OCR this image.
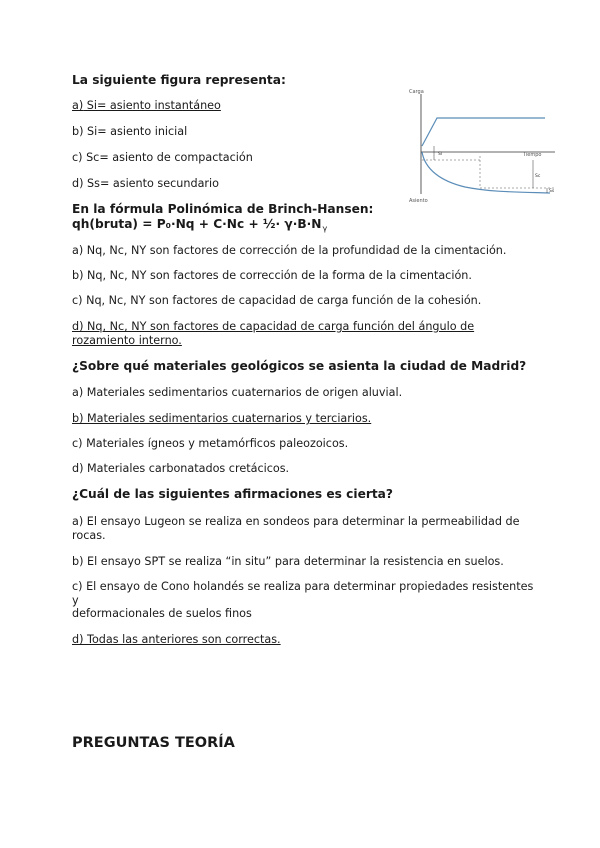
La siguiente figura representa:
a) Si= asiento instantáneo
b) Si= asiento inicial
c) Sc= asiento de compactación
d) Ss= asiento secundario
Carga
Tiempo
Asiento
Si
Sc
Ss
En la fórmula Polinómica de Brinch-Hansen:
qh(bruta) = P₀·Nq + C·Nc + ½· $\gamma\cdot B\cdot N_\gamma$
a) Nq, Nc, NY son factores de corrección de la profundidad de la cimentación.
b) Nq, Nc, NY son factores de corrección de la forma de la cimentación.
c) Nq, Nc, NY son factores de capacidad de carga función de la cohesión.
d) Nq, Nc, NY son factores de capacidad de carga función del ángulo de
rozamiento interno.
¿Sobre qué materiales geológicos se asienta la ciudad de Madrid?
a) Materiales sedimentarios cuaternarios de origen aluvial.
b) Materiales sedimentarios cuaternarios y terciarios.
c) Materiales ígneos y metamórficos paleozoicos.
d) Materiales carbonatados cretácicos.
¿Cuál de las siguientes afirmaciones es cierta?
a) El ensayo Lugeon se realiza en sondeos para determinar la permeabilidad de
rocas.
b) El ensayo SPT se realiza “in situ” para determinar la resistencia en suelos.
c) El ensayo de Cono holandés se realiza para determinar propiedades resistentes
y
deformacionales de suelos finos
d) Todas las anteriores son correctas.
PREGUNTAS TEORÍA
